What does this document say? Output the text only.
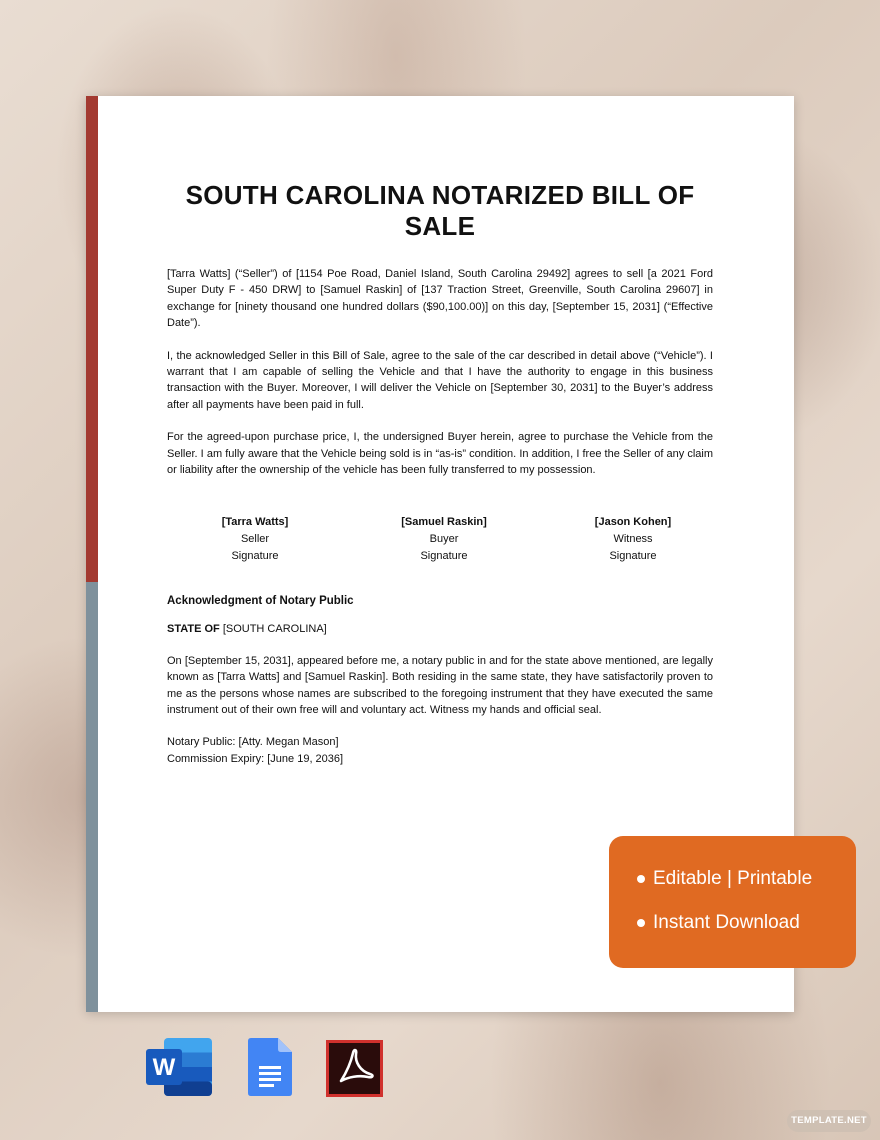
SOUTH CAROLINA NOTARIZED BILL OF SALE

[Tarra Watts] (“Seller”) of [1154 Poe Road, Daniel Island, South Carolina 29492] agrees to sell [a 2021 Ford Super Duty F - 450 DRW] to [Samuel Raskin] of [137 Traction Street, Greenville, South Carolina 29607] in exchange for [ninety thousand one hundred dollars ($90,100.00)] on this day, [September 15, 2031] (“Effective Date”).

I, the acknowledged Seller in this Bill of Sale, agree to the sale of the car described in detail above (“Vehicle”). I warrant that I am capable of selling the Vehicle and that I have the authority to engage in this business transaction with the Buyer. Moreover, I will deliver the Vehicle on [September 30, 2031] to the Buyer’s address after all payments have been paid in full.

For the agreed-upon purchase price, I, the undersigned Buyer herein, agree to purchase the Vehicle from the Seller. I am fully aware that the Vehicle being sold is in “as-is” condition. In addition, I free the Seller of any claim or liability after the ownership of the vehicle has been fully transferred to my possession.

[Tarra Watts]
Seller
Signature
[Samuel Raskin]
Buyer
Signature
[Jason Kohen]
Witness
Signature
Acknowledgment of Notary Public
STATE OF [SOUTH CAROLINA]

On [September 15, 2031], appeared before me, a notary public in and for the state above mentioned, are legally known as [Tarra Watts] and [Samuel Raskin]. Both residing in the same state, they have satisfactorily proven to me as the persons whose names are subscribed to the foregoing instrument that they have executed the same instrument out of their own free will and voluntary act. Witness my hands and official seal.

Notary Public: [Atty. Megan Mason]
Commission Expiry: [June 19, 2036]
Editable | Printable
Instant Download
W
TEMPLATE.NET
